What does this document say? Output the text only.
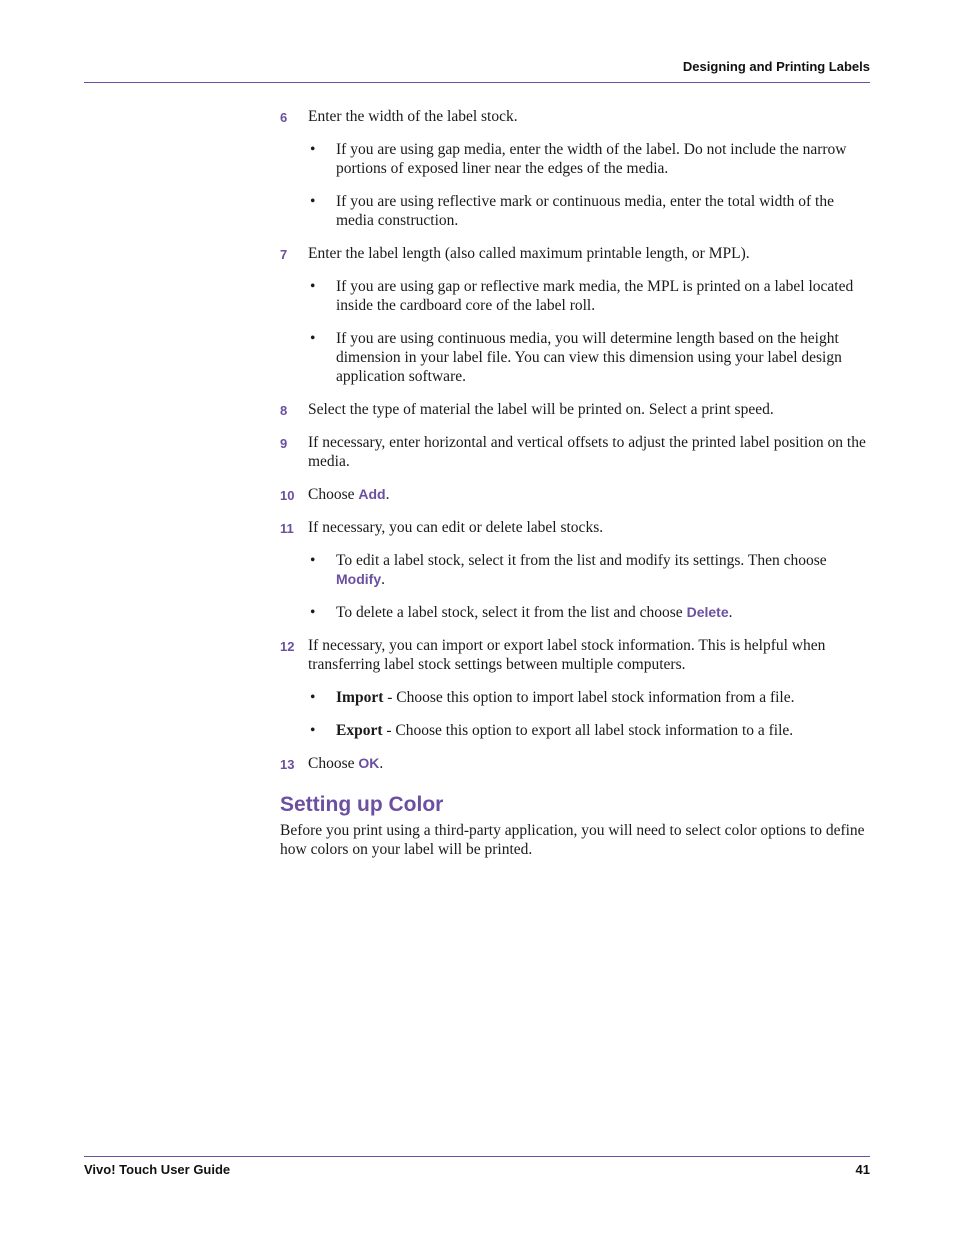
Designing and Printing Labels
6 Enter the width of the label stock.
• If you are using gap media, enter the width of the label. Do not include the narrow portions of exposed liner near the edges of the media.
• If you are using reflective mark or continuous media, enter the total width of the media construction.
7 Enter the label length (also called maximum printable length, or MPL).
• If you are using gap or reflective mark media, the MPL is printed on a label located inside the cardboard core of the label roll.
• If you are using continuous media, you will determine length based on the height dimension in your label file. You can view this dimension using your label design application software.
8 Select the type of material the label will be printed on. Select a print speed.
9 If necessary, enter horizontal and vertical offsets to adjust the printed label position on the media.
10 Choose Add.
11 If necessary, you can edit or delete label stocks.
• To edit a label stock, select it from the list and modify its settings. Then choose Modify.
• To delete a label stock, select it from the list and choose Delete.
12 If necessary, you can import or export label stock information. This is helpful when transferring label stock settings between multiple computers.
• Import - Choose this option to import label stock information from a file.
• Export - Choose this option to export all label stock information to a file.
13 Choose OK.
Setting up Color

Before you print using a third-party application, you will need to select color options to define how colors on your label will be printed.

Vivo! Touch User Guide	41
